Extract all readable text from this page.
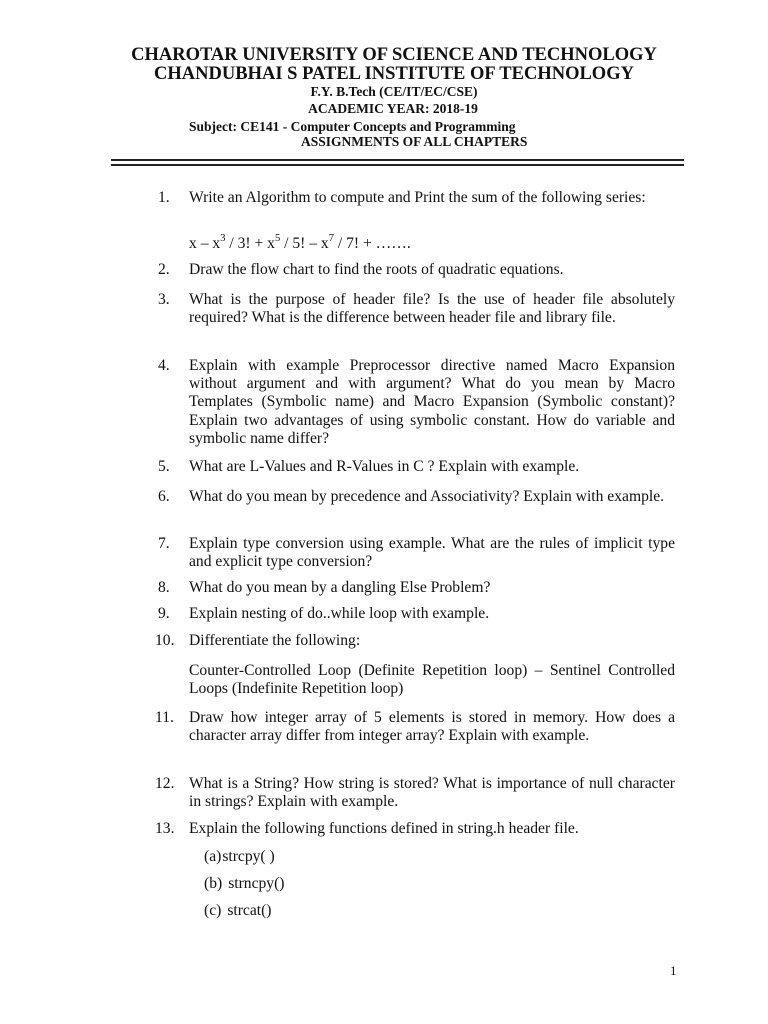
CHAROTAR UNIVERSITY OF SCIENCE AND TECHNOLOGY
CHANDUBHAI S PATEL INSTITUTE OF TECHNOLOGY
F.Y. B.Tech (CE/IT/EC/CSE)
ACADEMIC YEAR: 2018-19
Subject: CE141 - Computer Concepts and Programming
ASSIGNMENTS OF ALL CHAPTERS
1. Write an Algorithm to compute and Print the sum of the following series:
x – $x^3 / 3$! + $x^5 / 5$! – $x^7 / 7$! + …….
2. Draw the flow chart to find the roots of quadratic equations.
3. What is the purpose of header file? Is the use of header file absolutely required? What is the difference between header file and library file.
4. Explain with example Preprocessor directive named Macro Expansion without argument and with argument? What do you mean by Macro Templates (Symbolic name) and Macro Expansion (Symbolic constant)? Explain two advantages of using symbolic constant. How do variable and symbolic name differ?
5. What are L-Values and R-Values in C ? Explain with example.
6. What do you mean by precedence and Associativity? Explain with example.
7. Explain type conversion using example. What are the rules of implicit type and explicit type conversion?
8. What do you mean by a dangling Else Problem?
9. Explain nesting of do..while loop with example.
10. Differentiate the following:
Counter-Controlled Loop (Definite Repetition loop) – Sentinel Controlled Loops (Indefinite Repetition loop)
11. Draw how integer array of 5 elements is stored in memory. How does a character array differ from integer array? Explain with example.
12. What is a String? How string is stored? What is importance of null character in strings? Explain with example.
13. Explain the following functions defined in string.h header file.
(a)strcpy( )
(b) strncpy()
(c) strcat()
1
